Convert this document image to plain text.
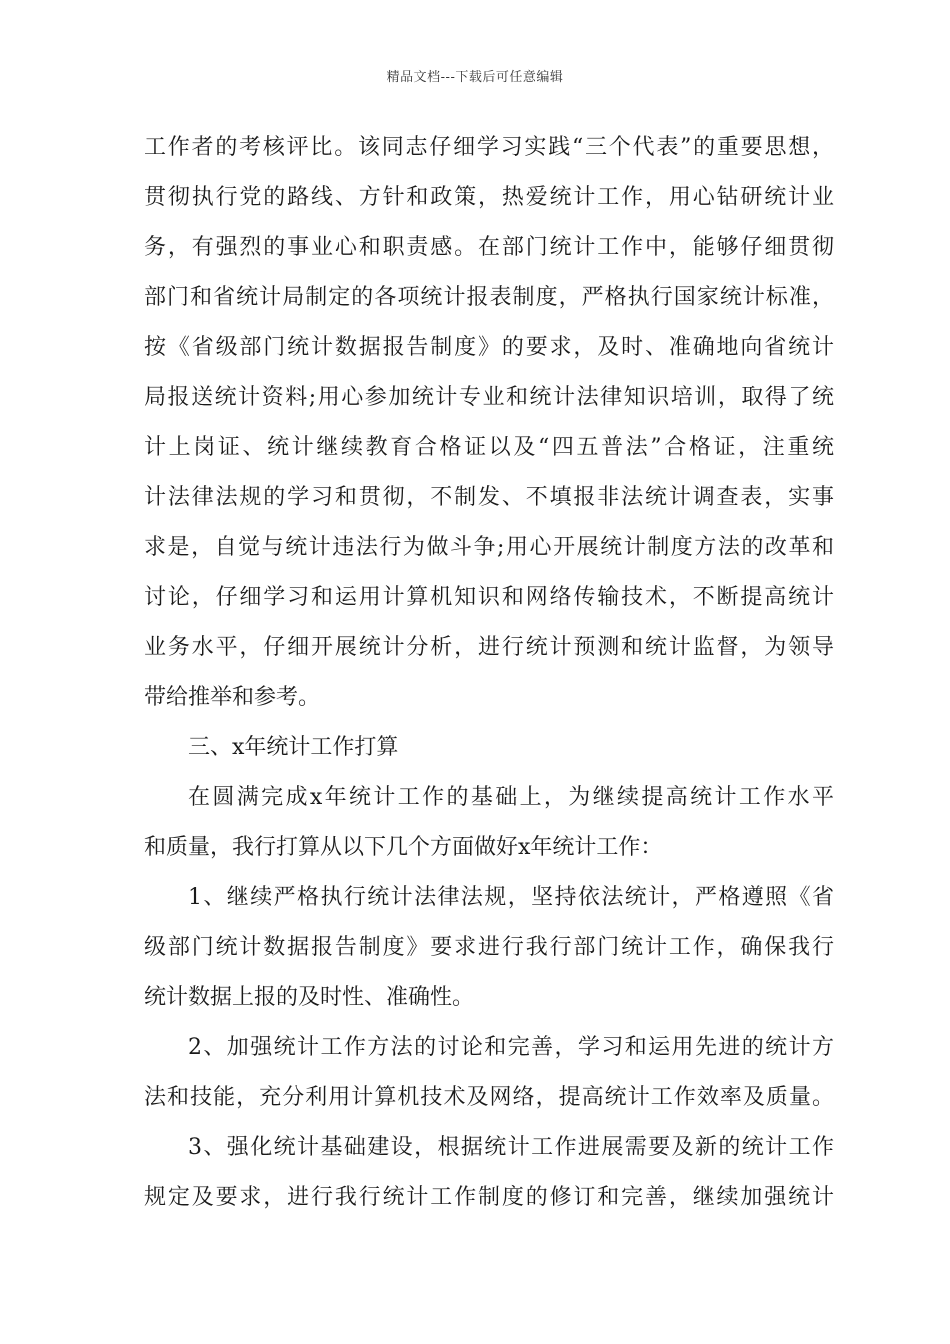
精品文档---下载后可任意编辑
工作者的考核评比。该同志仔细学习实践“三个代表”的重要思想，
贯彻执行党的路线、方针和政策，热爱统计工作，用心钻研统计业
务，有强烈的事业心和职责感。在部门统计工作中，能够仔细贯彻
部门和省统计局制定的各项统计报表制度，严格执行国家统计标准，
按《省级部门统计数据报告制度》的要求，及时、准确地向省统计
局报送统计资料;用心参加统计专业和统计法律知识培训，取得了统
计上岗证、统计继续教育合格证以及“四五普法”合格证，注重统
计法律法规的学习和贯彻，不制发、不填报非法统计调查表，实事
求是，自觉与统计违法行为做斗争;用心开展统计制度方法的改革和
讨论，仔细学习和运用计算机知识和网络传输技术，不断提高统计
业务水平，仔细开展统计分析，进行统计预测和统计监督，为领导
带给推举和参考。
三、x年统计工作打算
在圆满完成x年统计工作的基础上，为继续提高统计工作水平
和质量，我行打算从以下几个方面做好x年统计工作：
1、继续严格执行统计法律法规，坚持依法统计，严格遵照《省
级部门统计数据报告制度》要求进行我行部门统计工作，确保我行
统计数据上报的及时性、准确性。
2、加强统计工作方法的讨论和完善，学习和运用先进的统计方
法和技能，充分利用计算机技术及网络，提高统计工作效率及质量。
3、强化统计基础建设，根据统计工作进展需要及新的统计工作
规定及要求，进行我行统计工作制度的修订和完善，继续加强统计
